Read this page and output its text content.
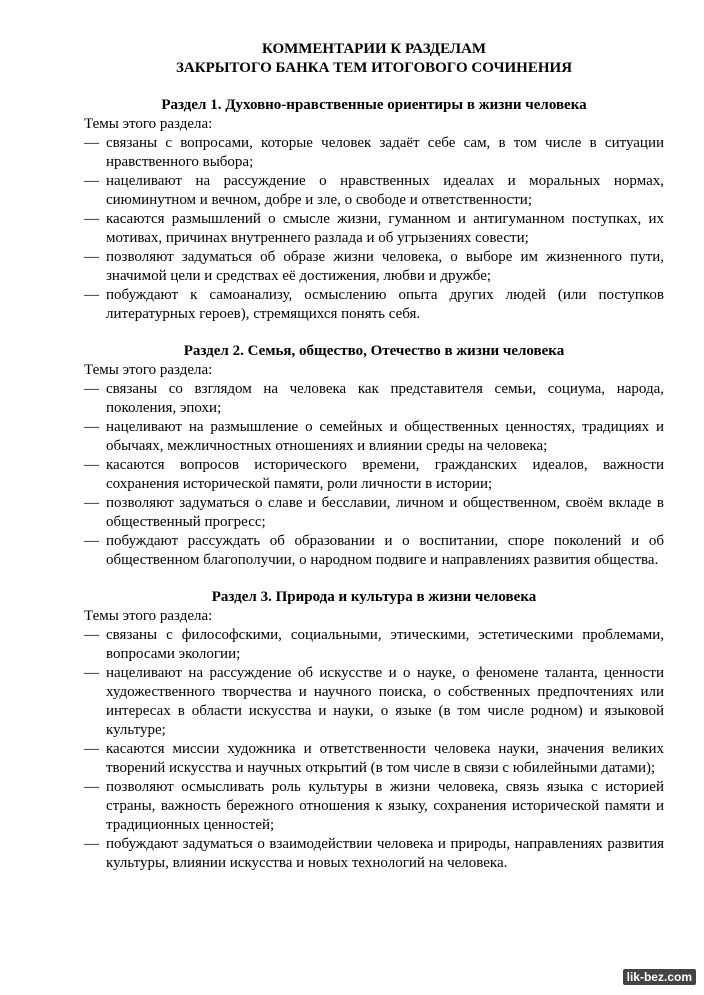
КОММЕНТАРИИ К РАЗДЕЛАМ
ЗАКРЫТОГО БАНКА ТЕМ ИТОГОВОГО СОЧИНЕНИЯ

Раздел 1. Духовно-нравственные ориентиры в жизни человека

Темы этого раздела:

— связаны с вопросами, которые человек задаёт себе сам, в том числе в ситуации нравственного выбора;
— нацеливают на рассуждение о нравственных идеалах и моральных нормах, сиюминутном и вечном, добре и зле, о свободе и ответственности;
— касаются размышлений о смысле жизни, гуманном и антигуманном поступках, их мотивах, причинах внутреннего разлада и об угрызениях совести;
— позволяют задуматься об образе жизни человека, о выборе им жизненного пути, значимой цели и средствах её достижения, любви и дружбе;
— побуждают к самоанализу, осмыслению опыта других людей (или поступков литературных героев), стремящихся понять себя.

Раздел 2. Семья, общество, Отечество в жизни человека

Темы этого раздела:

— связаны со взглядом на человека как представителя семьи, социума, народа, поколения, эпохи;
— нацеливают на размышление о семейных и общественных ценностях, традициях и обычаях, межличностных отношениях и влиянии среды на человека;
— касаются вопросов исторического времени, гражданских идеалов, важности сохранения исторической памяти, роли личности в истории;
— позволяют задуматься о славе и бесславии, личном и общественном, своём вкладе в общественный прогресс;
— побуждают рассуждать об образовании и о воспитании, споре поколений и об общественном благополучии, о народном подвиге и направлениях развития общества.

Раздел 3. Природа и культура в жизни человека

Темы этого раздела:

— связаны с философскими, социальными, этическими, эстетическими проблемами, вопросами экологии;
— нацеливают на рассуждение об искусстве и о науке, о феномене таланта, ценности художественного творчества и научного поиска, о собственных предпочтениях или интересах в области искусства и науки, о языке (в том числе родном) и языковой культуре;
— касаются миссии художника и ответственности человека науки, значения великих творений искусства и научных открытий (в том числе в связи с юбилейными датами);
— позволяют осмысливать роль культуры в жизни человека, связь языка с историей страны, важность бережного отношения к языку, сохранения исторической памяти и традиционных ценностей;
— побуждают задуматься о взаимодействии человека и природы, направлениях развития культуры, влиянии искусства и новых технологий на человека.
lik-bez.com
